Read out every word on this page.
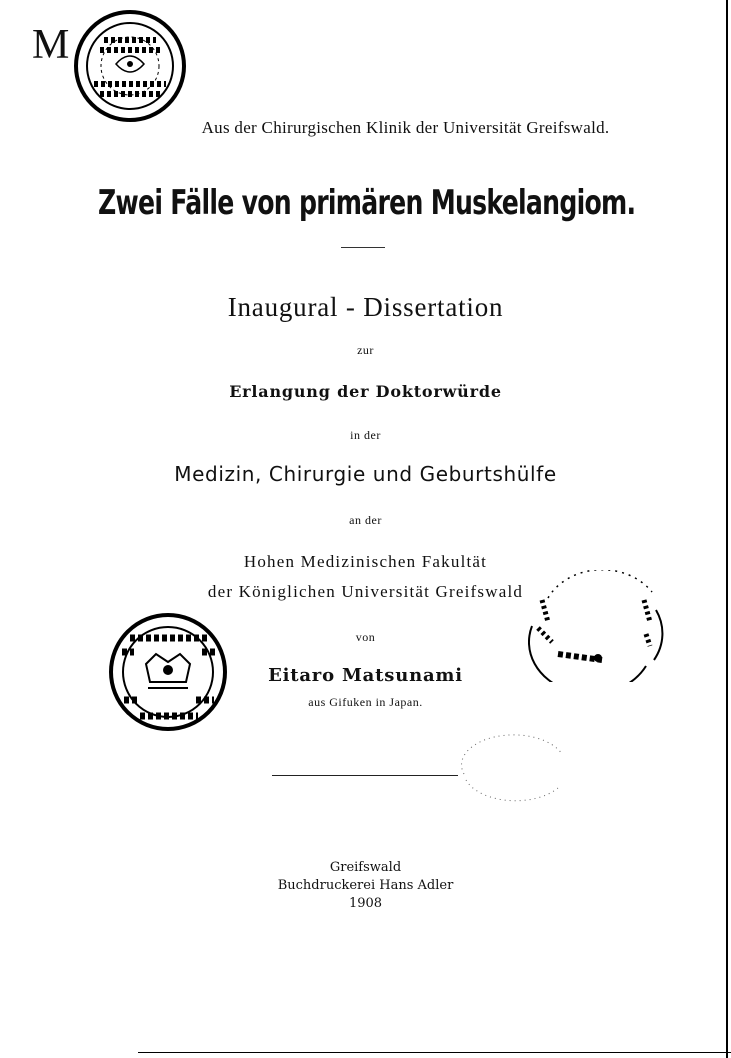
M
Aus der Chirurgischen Klinik der Universität Greifswald.
Zwei Fälle von primären Muskelangiom.
Inaugural - Dissertation
zur
Erlangung der Doktorwürde
in der
Medizin, Chirurgie und Geburtshülfe
an der
Hohen Medizinischen Fakultät
der Königlichen Universität Greifswald
von
Eitaro Matsunami
aus Gifuken in Japan.
Greifswald
Buchdruckerei Hans Adler
1908
